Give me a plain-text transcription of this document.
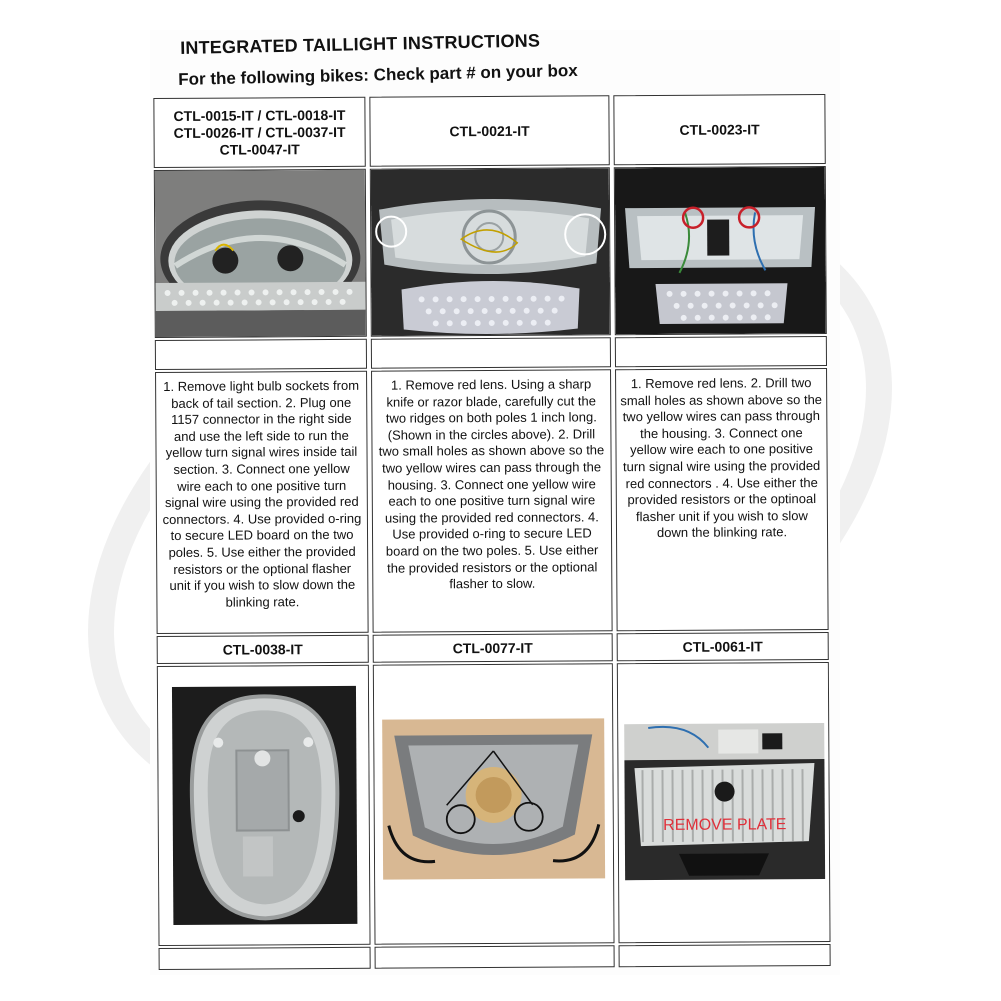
INTEGRATED TAILLIGHT INSTRUCTIONS
For the following bikes: Check part # on your box
CTL-0015-IT / CTL-0018-IT CTL-0026-IT / CTL-0037-IT CTL-0047-IT
CTL-0021-IT	CTL-0023-IT
1. Remove light bulb sockets from back of tail section. 2. Plug one 1157 connector in the right side and use the left side to run the yellow turn signal wires inside tail section. 3. Connect one yellow wire each to one positive turn signal wire using the provided red connectors. 4. Use provided o-ring to secure LED board on the two poles. 5. Use either the provided resistors or the optional flasher unit if you wish to slow down the blinking rate.
1. Remove red lens. Using a sharp knife or razor blade, carefully cut the two ridges on both poles 1 inch long. (Shown in the circles above). 2. Drill two small holes as shown above so the two yellow wires can pass through the housing. 3. Connect one yellow wire each to one positive turn signal wire using the provided red connectors. 4. Use provided o-ring to secure LED board on the two poles. 5. Use either the provided resistors or the optional flasher to slow.
1. Remove red lens. 2. Drill two small holes as shown above so the two yellow wires can pass through the housing. 3. Connect one yellow wire each to one positive turn signal wire using the provided red connectors . 4. Use either the provided resistors or the optinoal flasher unit if you wish to slow down the blinking rate.
CTL-0038-IT	CTL-0077-IT	CTL-0061-IT
REMOVE PLATE
